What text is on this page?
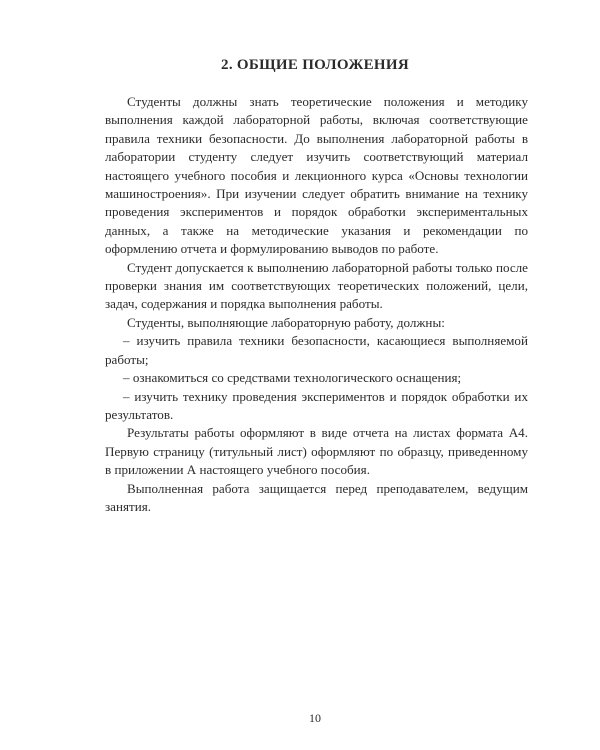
2. ОБЩИЕ ПОЛОЖЕНИЯ

Студенты должны знать теоретические положения и методику выполнения каждой лабораторной работы, включая соответствующие правила техники безопасности. До выполнения лабораторной работы в лаборатории студенту следует изучить соответствующий материал настоящего учебного пособия и лекционного курса «Основы технологии машиностроения». При изучении следует обратить внимание на технику проведения экспериментов и порядок обработки экспериментальных данных, а также на методические указания и рекомендации по оформлению отчета и формулированию выводов по работе.

Студент допускается к выполнению лабораторной работы только после проверки знания им соответствующих теоретических положений, цели, задач, содержания и порядка выполнения работы.

Студенты, выполняющие лабораторную работу, должны:

– изучить правила техники безопасности, касающиеся выполняемой работы;

– ознакомиться со средствами технологического оснащения;

– изучить технику проведения экспериментов и порядок обработки их результатов.

Результаты работы оформляют в виде отчета на листах формата А4. Первую страницу (титульный лист) оформляют по образцу, приведенному в приложении А настоящего учебного пособия.

Выполненная работа защищается перед преподавателем, ведущим занятия.

10
